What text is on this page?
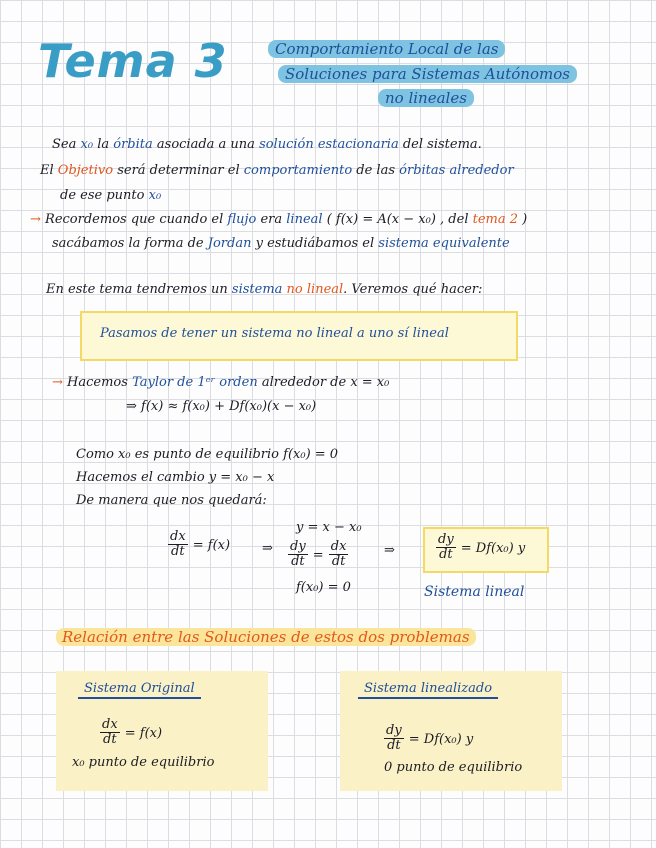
Tema 3	Comportamiento Local de las
Soluciones para Sistemas Autónomos
no lineales
Sea x₀ la órbita asociada a una solución estacionaria del sistema.
El Objetivo será determinar el comportamiento de las órbitas alrededor
de ese punto x₀
→ Recordemos que cuando el flujo era lineal ( f(x) = A(x − x₀) , del tema 2 )
sacábamos la forma de Jordan y estudiábamos el sistema equivalente
En este tema tendremos un sistema no lineal. Veremos qué hacer:
Pasamos de tener un sistema no lineal a uno sí lineal
→ Hacemos Taylor de 1ᵉʳ orden alrededor de x = x₀
⇒ f(x) ≈ f(x₀) + Df(x₀)(x − x₀)
Como x₀ es punto de equilibrio f(x₀) = 0
Hacemos el cambio y = x₀ − x
De manera que nos quedará:
$\frac{dx}{dt} = f(x)$ ⇒
y = x − x₀
$\frac{dy}{dt} = \frac{dx}{dt}$
f(x₀) = 0
⇒	$\frac{dy}{dt} = Df(x_0)$ y
Sistema lineal
Relación entre las Soluciones de estos dos problemas
Sistema Original
$\frac{dx}{dt} = f(x)$
x₀ punto de equilibrio
Sistema linealizado
$\frac{dy}{dt} = Df(x_0)$ y
0 punto de equilibrio
